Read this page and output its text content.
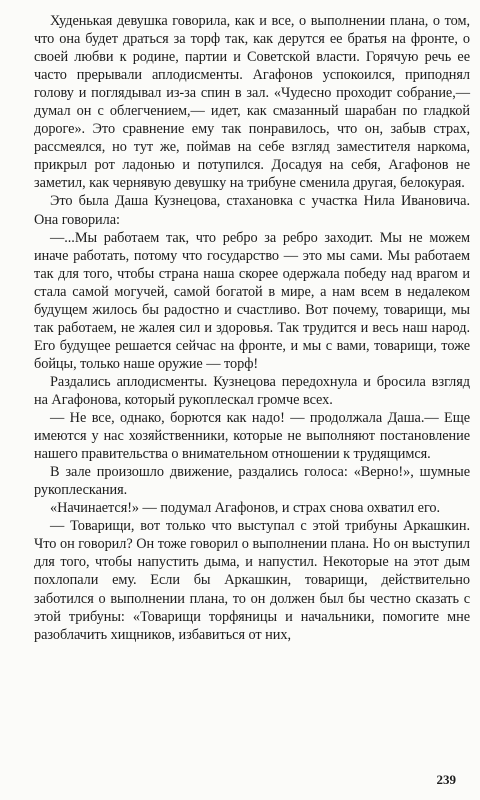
Худенькая девушка говорила, как и все, о выполнении плана, о том, что она будет драться за торф так, как дерутся ее братья на фронте, о своей любви к родине, партии и Советской власти. Горячую речь ее часто прерывали аплодисменты. Агафонов успокоился, приподнял голову и поглядывал из-за спин в зал. «Чудесно проходит собрание,— думал он с облегчением,— идет, как смазанный шарабан по гладкой дороге». Это сравнение ему так понравилось, что он, забыв страх, рассмеялся, но тут же, поймав на себе взгляд заместителя наркома, прикрыл рот ладонью и потупился. Досадуя на себя, Агафонов не заметил, как чернявую девушку на трибуне сменила другая, белокурая.

Это была Даша Кузнецова, стахановка с участка Нила Ивановича. Она говорила:

—...Мы работаем так, что ребро за ребро заходит. Мы не можем иначе работать, потому что государство — это мы сами. Мы работаем так для того, чтобы страна наша скорее одержала победу над врагом и стала самой могучей, самой богатой в мире, а нам всем в недалеком будущем жилось бы радостно и счастливо. Вот почему, товарищи, мы так работаем, не жалея сил и здоровья. Так трудится и весь наш народ. Его будущее решается сейчас на фронте, и мы с вами, товарищи, тоже бойцы, только наше оружие — торф!

Раздались аплодисменты. Кузнецова передохнула и бросила взгляд на Агафонова, который рукоплескал громче всех.

— Не все, однако, борются как надо! — продолжала Даша.— Еще имеются у нас хозяйственники, которые не выполняют постановление нашего правительства о внимательном отношении к трудящимся.

В зале произошло движение, раздались голоса: «Верно!», шумные рукоплескания.

«Начинается!» — подумал Агафонов, и страх снова охватил его.

— Товарищи, вот только что выступал с этой трибуны Аркашкин. Что он говорил? Он тоже говорил о выполнении плана. Но он выступил для того, чтобы напустить дыма, и напустил. Некоторые на этот дым похлопали ему. Если бы Аркашкин, товарищи, действительно заботился о выполнении плана, то он должен был бы честно сказать с этой трибуны: «Товарищи торфяницы и начальники, помогите мне разоблачить хищников, избавиться от них,

239
